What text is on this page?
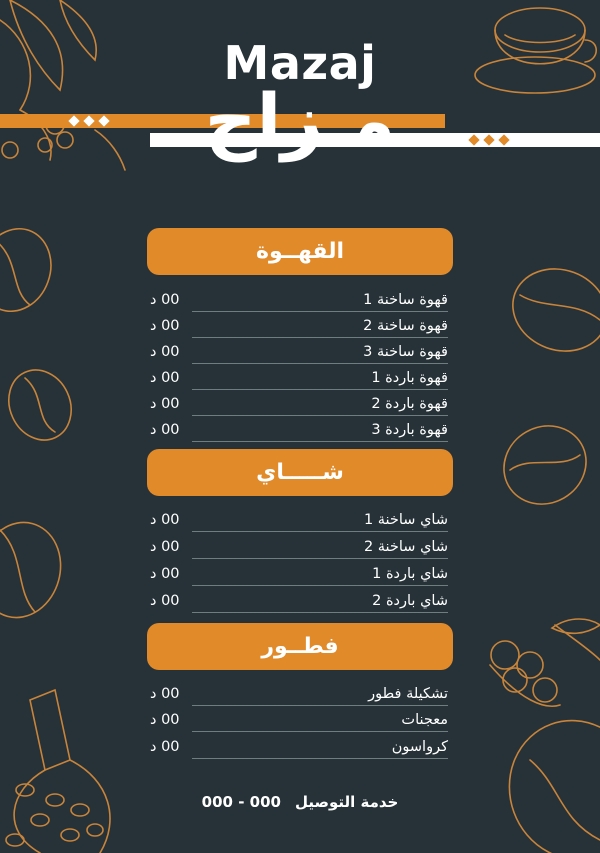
Mazaj
مـزاج
القهــوة
00 د	قهوة ساخنة 1
00 د	قهوة ساخنة 2
00 د	قهوة ساخنة 3
00 د	قهوة باردة 1
00 د	قهوة باردة 2
00 د	قهوة باردة 3
شـــــاي
00 د	شاي ساخنة 1
00 د	شاي ساخنة 2
00 د	شاي باردة 1
00 د	شاي باردة 2
فطــور
00 د	تشكيلة فطور
00 د	معجنات
00 د	كرواسون
خدمة التوصيل
000 - 000
